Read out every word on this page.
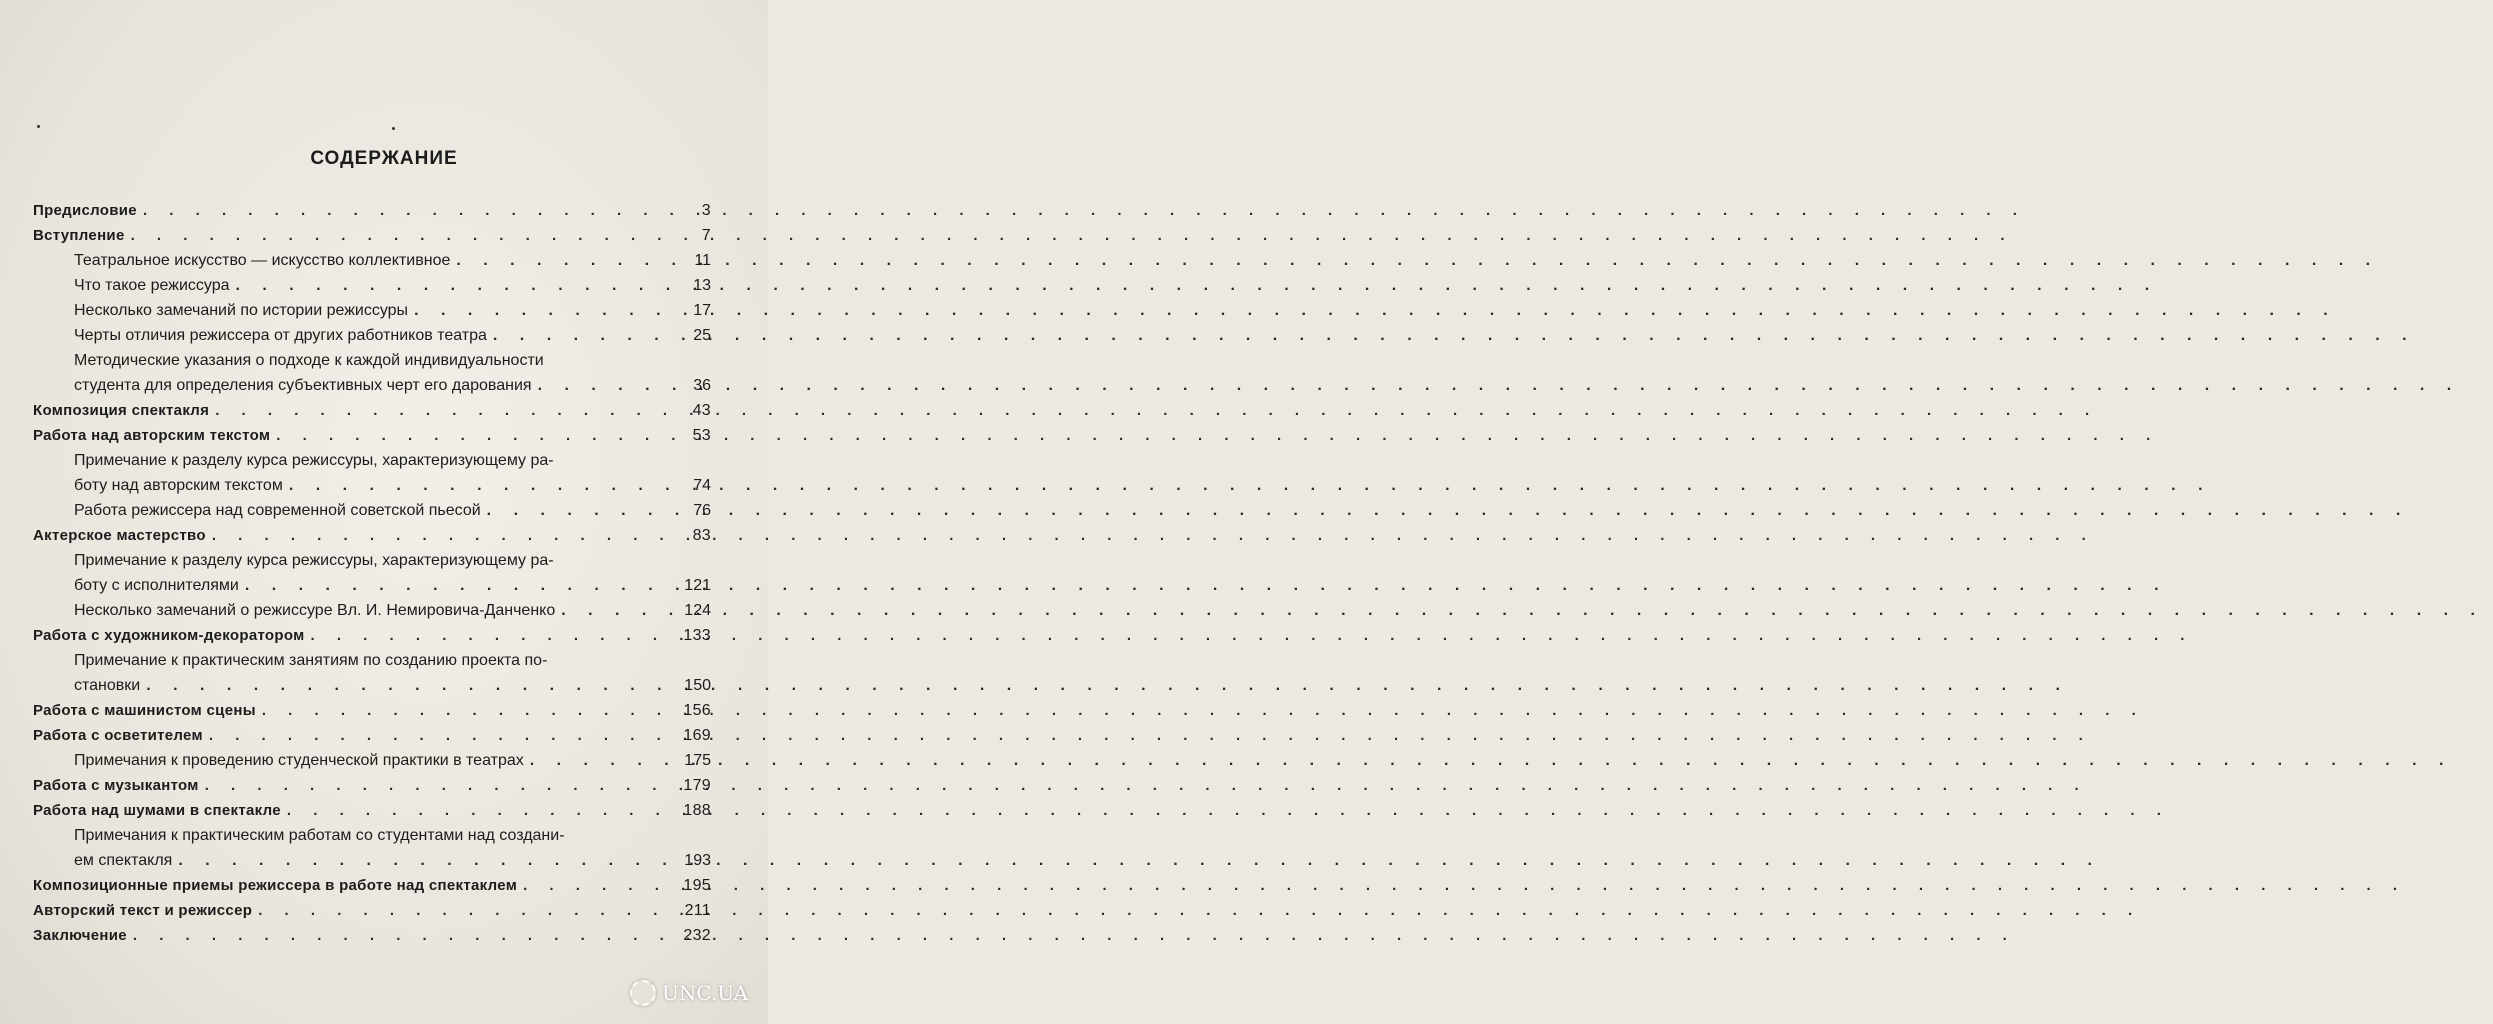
СОДЕРЖАНИЕ
Предисловие . . .	3
Вступление . . .	7
Театральное искусство — искусство коллективное . . .	11
Что такое режиссура . . .	13
Несколько замечаний по истории режиссуры . . .	17
Черты отличия режиссера от других работников театра . . .	25
Методические указания о подходе к каждой индивидуальности
студента для определения субъективных черт его дарования . . .	36
Композиция спектакля . . .	43
Работа над авторским текстом . . .	53
Примечание к разделу курса режиссуры, характеризующему ра-
боту над авторским текстом . . .	74
Работа режиссера над современной советской пьесой . . .	76
Актерское мастерство . . .	83
Примечание к разделу курса режиссуры, характеризующему ра-
боту с исполнителями . . .	121
Несколько замечаний о режиссуре Вл. И. Немировича-Данченко . . .	124
Работа с художником-декоратором . . .	133
Примечание к практическим занятиям по созданию проекта по-
становки . . .	150
Работа с машинистом сцены . . .	156
Работа с осветителем . . .	169
Примечания к проведению студенческой практики в театрах . . .	175
Работа с музыкантом . . .	179
Работа над шумами в спектакле . . .	188
Примечания к практическим работам со студентами над создани-
ем спектакля . . .	193
Композиционные приемы режиссера в работе над спектаклем . . .	195
Авторский текст и режиссер . . .	211
Заключение . . .	232
UNC.UA
